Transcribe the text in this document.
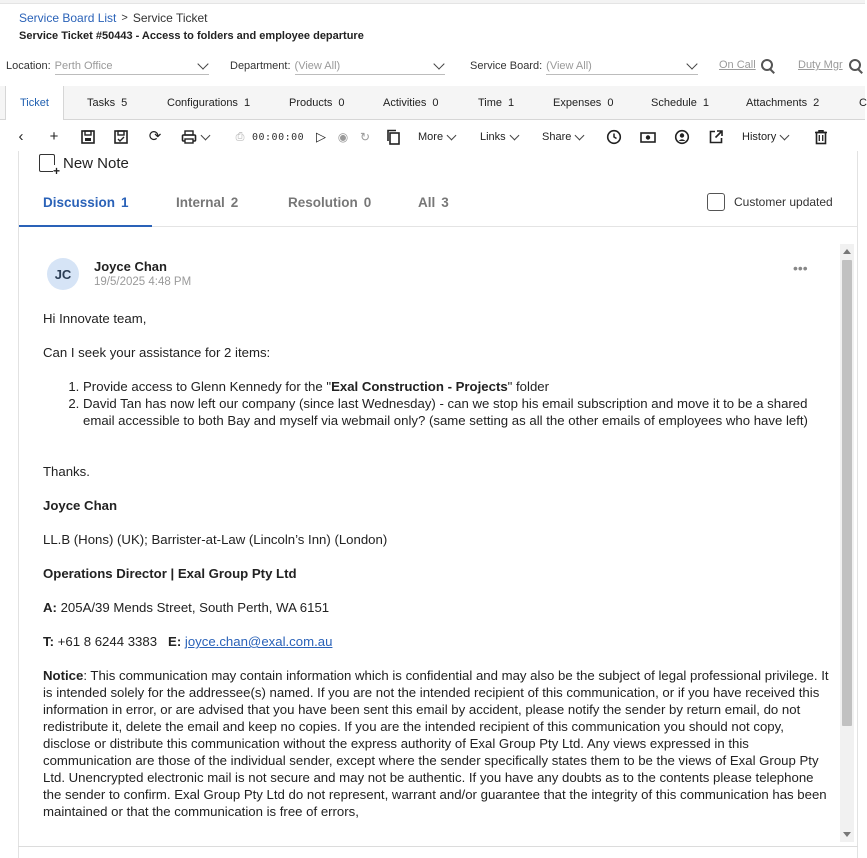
Service Board List > Service Ticket
Service Ticket #50443 - Access to folders and employee departure
Location: Perth Office	Department: (View All)	Service Board: (View All)	On Call	Duty Mgr
Ticket	Tasks 5	Configurations 1	Products 0	Activities 0	Time 1	Expenses 0	Schedule 1	Attachments 2	C
‹	+	⟳	⎙ 00:00:00 ▷ ◉ ↻	More	Links	Share	History
+
New Note
Discussion 1	Internal 2	Resolution 0	All 3	Customer updated
JC	Joyce Chan
19/5/2025 4:48 PM
•••

Hi Innovate team,

Can I seek your assistance for 2 items:

1. Provide access to Glenn Kennedy for the "Exal Construction - Projects" folder
2. David Tan has now left our company (since last Wednesday) - can we stop his email subscription and move it to be a shared email accessible to both Bay and myself via webmail only? (same setting as all the other emails of employees who have left)

Thanks.

Joyce Chan

LL.B (Hons) (UK); Barrister-at-Law (Lincoln’s Inn) (London)

Operations Director | Exal Group Pty Ltd

A: 205A/39 Mends Street, South Perth, WA 6151

T: +61 8 6244 3383 E: joyce.chan@exal.com.au

Notice: This communication may contain information which is confidential and may also be the subject of legal professional privilege. It is intended solely for the addressee(s) named. If you are not the intended recipient of this communication, or if you have received this information in error, or are advised that you have been sent this email by accident, please notify the sender by return email, do not redistribute it, delete the email and keep no copies. If you are the intended recipient of this communication you should not copy, disclose or distribute this communication without the express authority of Exal Group Pty Ltd. Any views expressed in this communication are those of the individual sender, except where the sender specifically states them to be the views of Exal Group Pty Ltd. Unencrypted electronic mail is not secure and may not be authentic. If you have any doubts as to the contents please telephone the sender to confirm. Exal Group Pty Ltd do not represent, warrant and/or guarantee that the integrity of this communication has been maintained or that the communication is free of errors,
